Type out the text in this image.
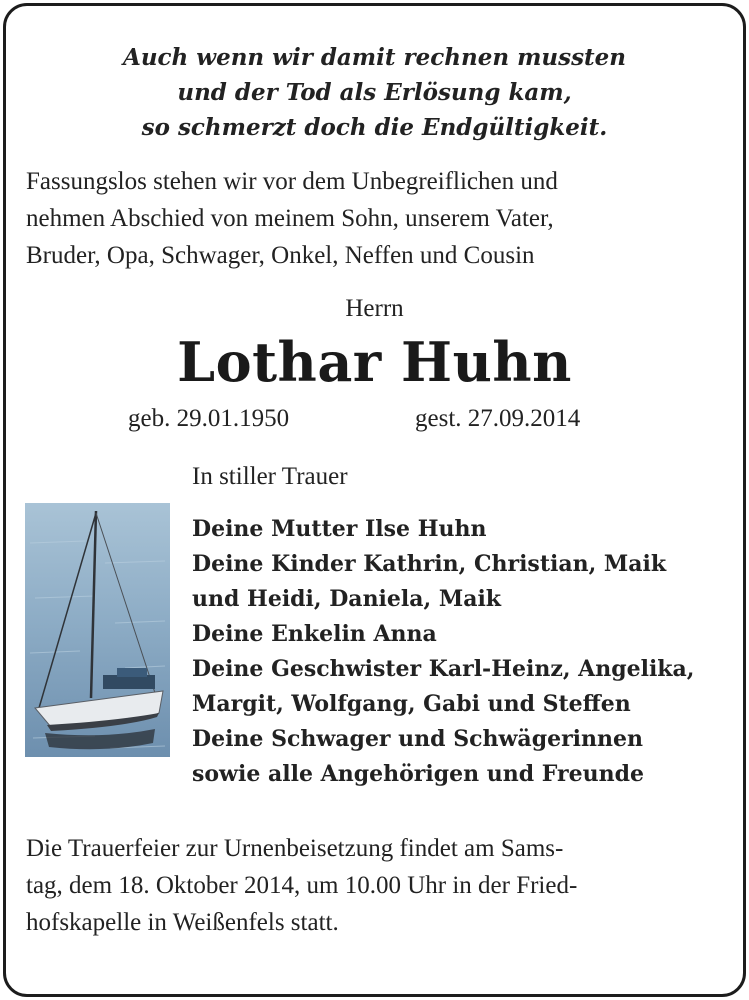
Auch wenn wir damit rechnen mussten
und der Tod als Erlösung kam,
so schmerzt doch die Endgültigkeit.
Fassungslos stehen wir vor dem Unbegreiflichen und
nehmen Abschied von meinem Sohn, unserem Vater,
Bruder, Opa, Schwager, Onkel, Neffen und Cousin
Herrn
Lothar Huhn
geb. 29.01.1950	gest. 27.09.2014
In stiller Trauer
Deine Mutter Ilse Huhn
Deine Kinder Kathrin, Christian, Maik
und Heidi, Daniela, Maik
Deine Enkelin Anna
Deine Geschwister Karl-Heinz, Angelika,
Margit, Wolfgang, Gabi und Steffen
Deine Schwager und Schwägerinnen
sowie alle Angehörigen und Freunde
Die Trauerfeier zur Urnenbeisetzung findet am Sams-
tag, dem 18. Oktober 2014, um 10.00 Uhr in der Fried-
hofskapelle in Weißenfels statt.
